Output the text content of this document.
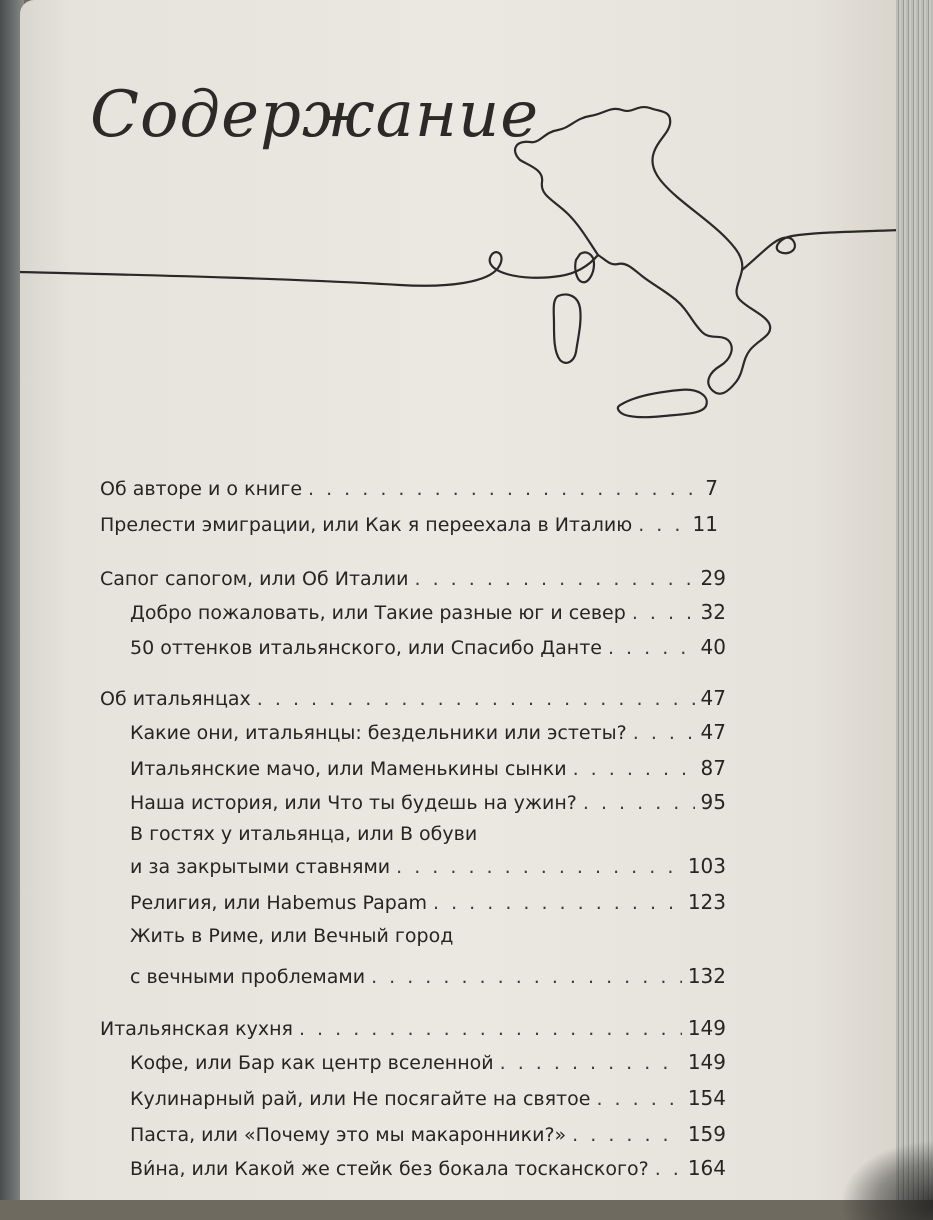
Содержание
Об авторе и о книге . . .	7
Прелести эмиграции, или Как я переехала в Италию . . .	11
Сапог сапогом, или Об Италии . . .	29
Добро пожаловать, или Такие разные юг и север . . .	32
50 оттенков итальянского, или Спасибо Данте . . .	40
Об итальянцах . . .	47
Какие они, итальянцы: бездельники или эстеты? . . .	47
Итальянские мачо, или Маменькины сынки . . .	87
Наша история, или Что ты будешь на ужин? . . .	95
В гостях у итальянца, или В обуви
и за закрытыми ставнями . . .	103
Религия, или Habemus Papam . . .	123
Жить в Риме, или Вечный город
с вечными проблемами . . .	132
Итальянская кухня . . .	149
Кофе, или Бар как центр вселенной . . .	149
Кулинарный рай, или Не посягайте на святое . . .	154
Паста, или «Почему это мы макаронники?» . . .	159
Ви́на, или Какой же стейк без бокала тосканского? . . . 164
